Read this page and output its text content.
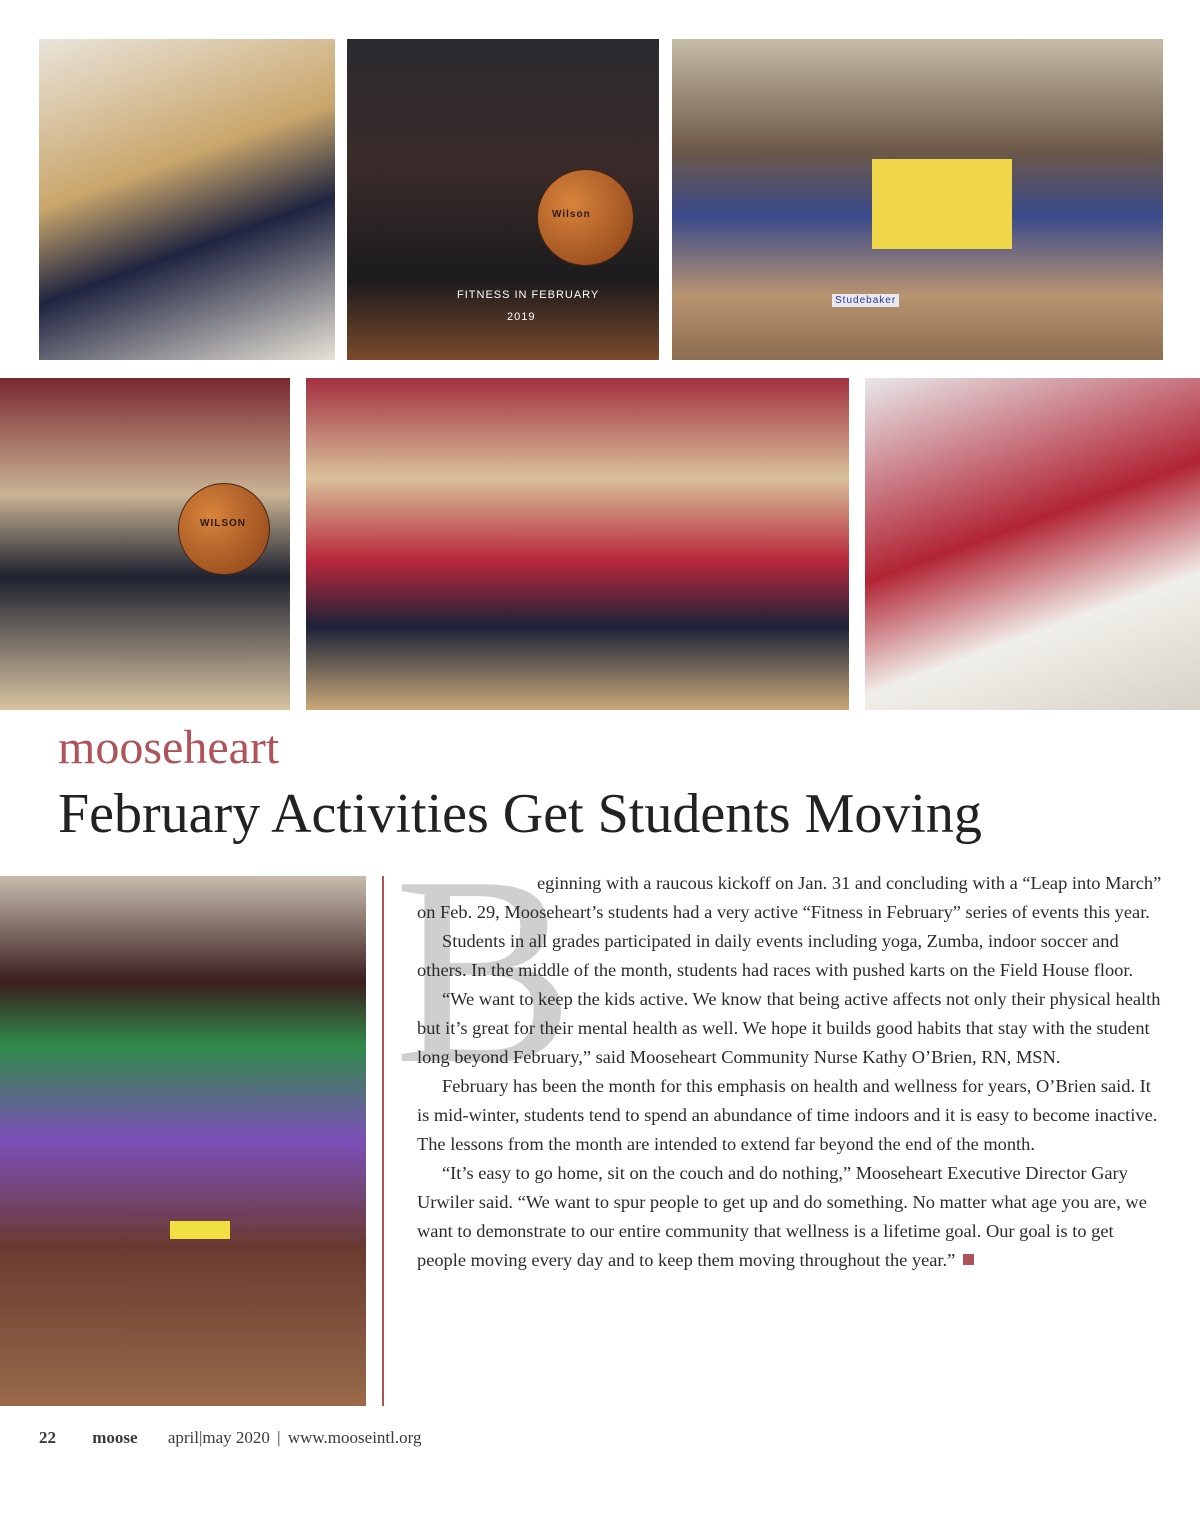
Wilson
FITNESS IN FEBRUARY
2019
Studebaker
WILSON
mooseheart
February Activities Get Students Moving
B

eginning with a raucous kickoff on Jan. 31 and concluding with a “Leap into March” on Feb. 29, Mooseheart’s students had a very active “Fitness in February” series of events this year.

Students in all grades participated in daily events including yoga, Zumba, indoor soccer and others. In the middle of the month, students had races with pushed karts on the Field House floor.

“We want to keep the kids active. We know that being active affects not only their physical health but it’s great for their mental health as well. We hope it builds good habits that stay with the student long beyond February,” said Mooseheart Community Nurse Kathy O’Brien, RN, MSN.

February has been the month for this emphasis on health and wellness for years, O’Brien said. It is mid-winter, students tend to spend an abundance of time indoors and it is easy to become inactive. The lessons from the month are intended to extend far beyond the end of the month.

“It’s easy to go home, sit on the couch and do nothing,” Mooseheart Executive Director Gary Urwiler said. “We want to spur people to get up and do something. No matter what age you are, we want to demonstrate to our entire community that wellness is a lifetime goal. Our goal is to get people moving every day and to keep them moving throughout the year.”

22 moose april|may 2020 | www.mooseintl.org
